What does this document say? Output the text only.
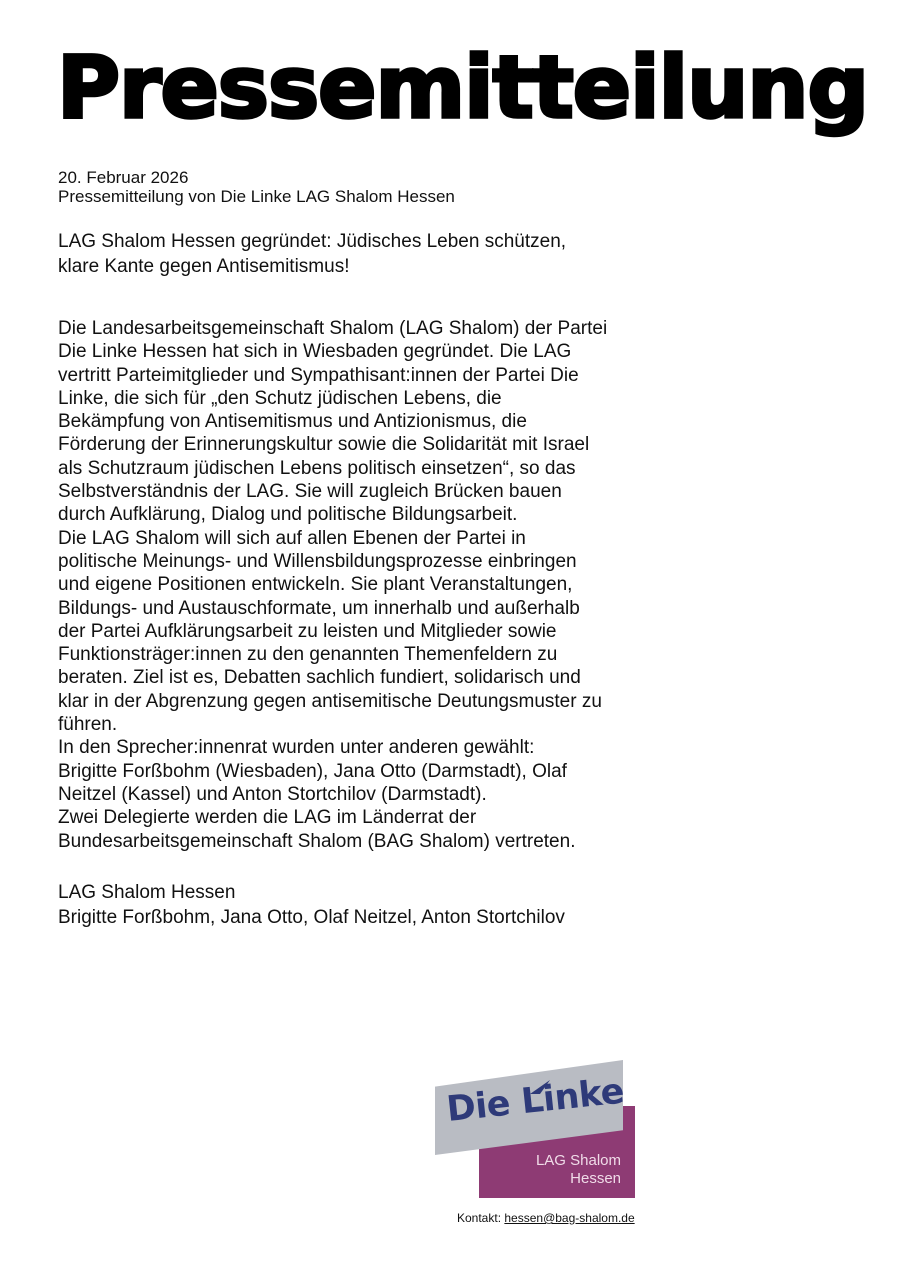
Pressemitteilung
20. Februar 2026
Pressemitteilung von Die Linke LAG Shalom Hessen
LAG Shalom Hessen gegründet: Jüdisches Leben schützen,
klare Kante gegen Antisemitismus!
Die Landesarbeitsgemeinschaft Shalom (LAG Shalom) der Partei
Die Linke Hessen hat sich in Wiesbaden gegründet. Die LAG
vertritt Parteimitglieder und Sympathisant:innen der Partei Die
Linke, die sich für „den Schutz jüdischen Lebens, die
Bekämpfung von Antisemitismus und Antizionismus, die
Förderung der Erinnerungskultur sowie die Solidarität mit Israel
als Schutzraum jüdischen Lebens politisch einsetzen“, so das
Selbstverständnis der LAG. Sie will zugleich Brücken bauen
durch Aufklärung, Dialog und politische Bildungsarbeit.
Die LAG Shalom will sich auf allen Ebenen der Partei in
politische Meinungs- und Willensbildungsprozesse einbringen
und eigene Positionen entwickeln. Sie plant Veranstaltungen,
Bildungs- und Austauschformate, um innerhalb und außerhalb
der Partei Aufklärungsarbeit zu leisten und Mitglieder sowie
Funktionsträger:innen zu den genannten Themenfeldern zu
beraten. Ziel ist es, Debatten sachlich fundiert, solidarisch und
klar in der Abgrenzung gegen antisemitische Deutungsmuster zu
führen.
In den Sprecher:innenrat wurden unter anderen gewählt:
Brigitte Forßbohm (Wiesbaden), Jana Otto (Darmstadt), Olaf
Neitzel (Kassel) und Anton Stortchilov (Darmstadt).
Zwei Delegierte werden die LAG im Länderrat der
Bundesarbeitsgemeinschaft Shalom (BAG Shalom) vertreten.
LAG Shalom Hessen
Brigitte Forßbohm, Jana Otto, Olaf Neitzel, Anton Stortchilov
Die Linke
LAG Shalom
Hessen
Kontakt: hessen@bag-shalom.de
